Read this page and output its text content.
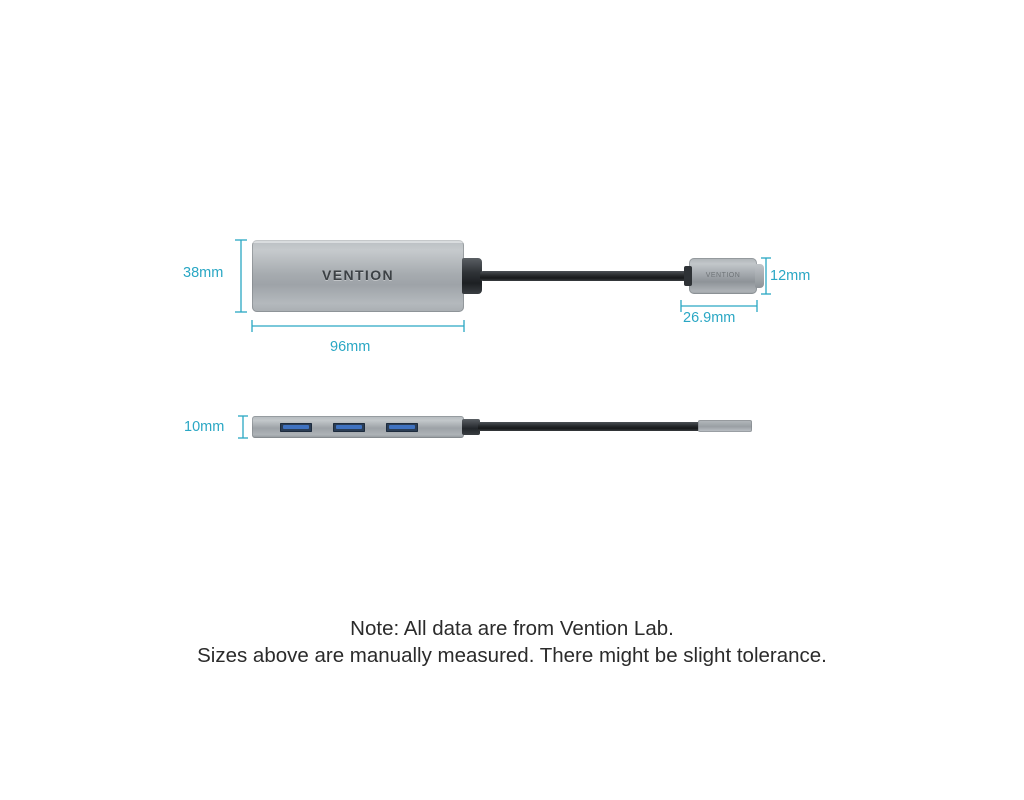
VENTION	VENTION
38mm
96mm
12mm
26.9mm
10mm
Note: All data are from Vention Lab.
Sizes above are manually measured. There might be slight tolerance.
